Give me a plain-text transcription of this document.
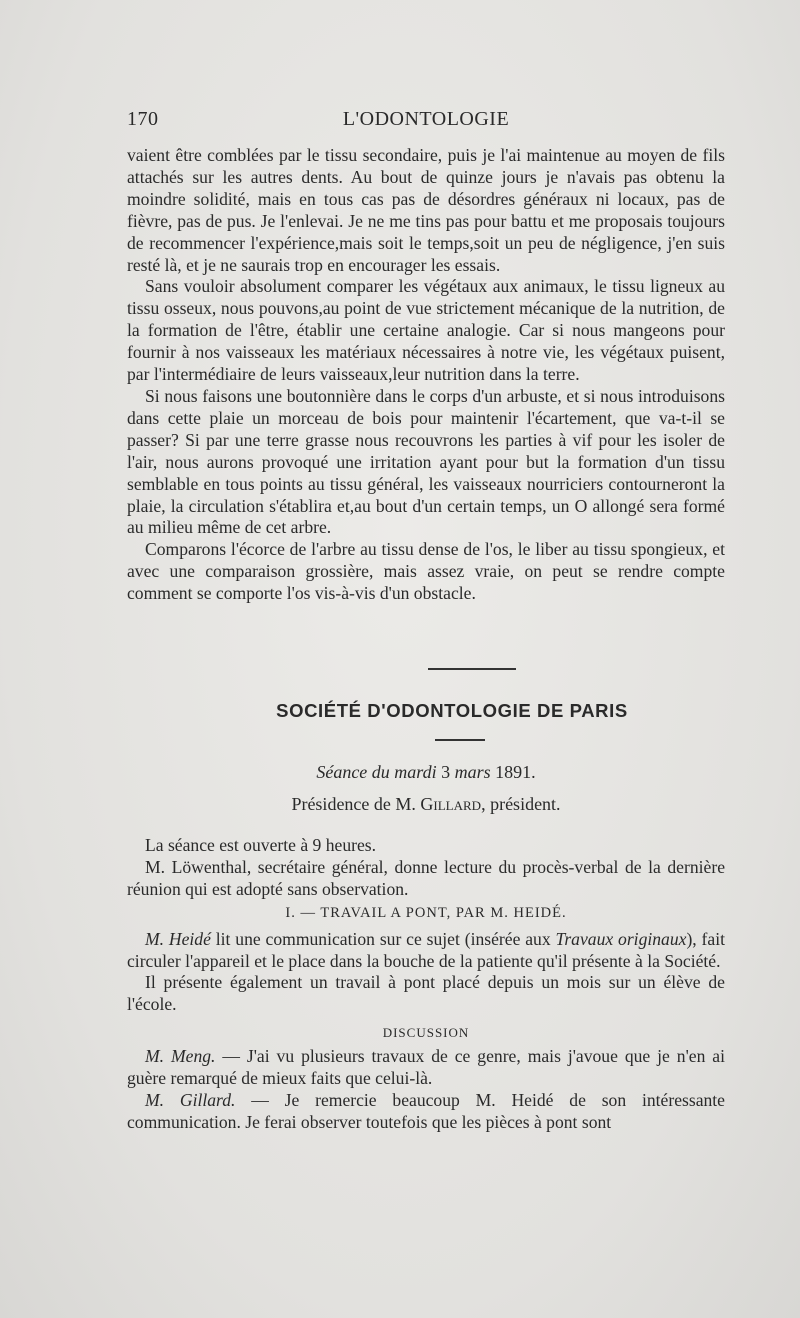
170	L'ODONTOLOGIE

vaient être comblées par le tissu secondaire, puis je l'ai maintenue au moyen de fils attachés sur les autres dents. Au bout de quinze jours je n'avais pas obtenu la moindre solidité, mais en tous cas pas de désordres généraux ni locaux, pas de fièvre, pas de pus. Je l'enlevai. Je ne me tins pas pour battu et me proposais toujours de recommencer l'expérience,mais soit le temps,soit un peu de négligence, j'en suis resté là, et je ne saurais trop en encourager les essais.

Sans vouloir absolument comparer les végétaux aux animaux, le tissu ligneux au tissu osseux, nous pouvons,au point de vue strictement mécanique de la nutrition, de la formation de l'être, établir une certaine analogie. Car si nous mangeons pour fournir à nos vaisseaux les matériaux nécessaires à notre vie, les végétaux puisent, par l'intermédiaire de leurs vaisseaux,leur nutrition dans la terre.

Si nous faisons une boutonnière dans le corps d'un arbuste, et si nous introduisons dans cette plaie un morceau de bois pour maintenir l'écartement, que va-t-il se passer? Si par une terre grasse nous recouvrons les parties à vif pour les isoler de l'air, nous aurons provoqué une irritation ayant pour but la formation d'un tissu semblable en tous points au tissu général, les vaisseaux nourriciers contourneront la plaie, la circulation s'établira et,au bout d'un certain temps, un O allongé sera formé au milieu même de cet arbre.

Comparons l'écorce de l'arbre au tissu dense de l'os, le liber au tissu spongieux, et avec une comparaison grossière, mais assez vraie, on peut se rendre compte comment se comporte l'os vis-à-vis d'un obstacle.

SOCIÉTÉ D'ODONTOLOGIE DE PARIS
Séance du mardi 3 mars 1891.
Présidence de M. Gillard, président.

La séance est ouverte à 9 heures.

M. Löwenthal, secrétaire général, donne lecture du procès-verbal de la dernière réunion qui est adopté sans observation.

I. — TRAVAIL A PONT, PAR M. HEIDÉ.

M. Heidé lit une communication sur ce sujet (insérée aux Travaux originaux), fait circuler l'appareil et le place dans la bouche de la patiente qu'il présente à la Société.

Il présente également un travail à pont placé depuis un mois sur un élève de l'école.

DISCUSSION

M. Meng. — J'ai vu plusieurs travaux de ce genre, mais j'avoue que je n'en ai guère remarqué de mieux faits que celui-là.

M. Gillard. — Je remercie beaucoup M. Heidé de son intéressante communication. Je ferai observer toutefois que les pièces à pont sont
